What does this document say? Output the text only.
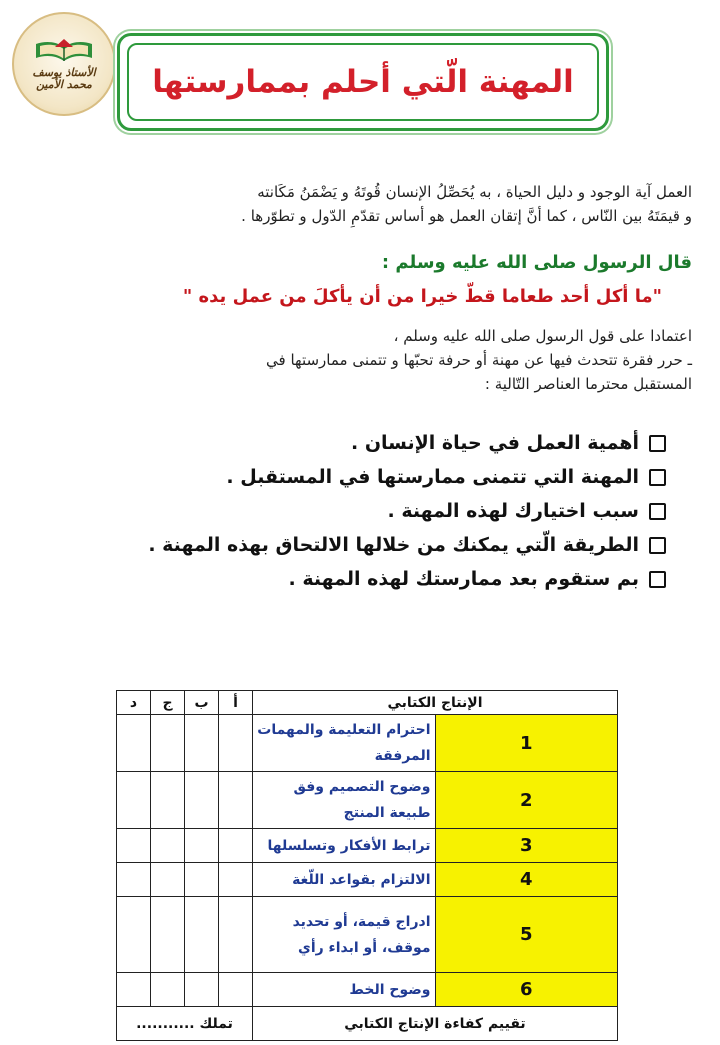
الأستاذ يوسف
محمد الأمين المهنة الّتي أحلم بممارستها
العمل آية الوجود و دليل الحياة ، به يُحَصِّلُ الإنسان قُوتَهُ و يَضْمَنُ مَكَانته
و قيمَتَهُ بين النّاس ، كما أنَّ إتقان العمل هو أساس تقدّمِ الدّول و تطوّرها .
قال الرسول صلى الله عليه وسلم :
"ما أكل أحد طعاما قطّ خيرا من أن يأكلَ من عمل يده "
اعتمادا على قول الرسول صلى الله عليه وسلم ،
ـ حرر فقرة تتحدث فيها عن مهنة أو حرفة تحبّها و تتمنى ممارستها في
المستقبل محترما العناصر التّالية :
أهمية العمل في حياة الإنسان .
المهنة التي تتمنى ممارستها في المستقبل .
سبب اختيارك لهذه المهنة .
الطريقة الّتي يمكنك من خلالها الالتحاق بهذه المهنة .
بم ستقوم بعد ممارستك لهذه المهنة .
الإنتاج الكتابي		أ	ب	ج	د
1	احترام التعليمة والمهمات المرفقة				
2	وضوح التصميم وفق طبيعة المنتج				
3	ترابط الأفكار وتسلسلها				
4	الالتزام بقواعد اللّغة				
5	ادراج قيمة، أو تحديد موقف، أو ابداء رأي				
6	وضوح الخط				
تقييم كفاءة الإنتاج الكتابي		تملك ...........			
